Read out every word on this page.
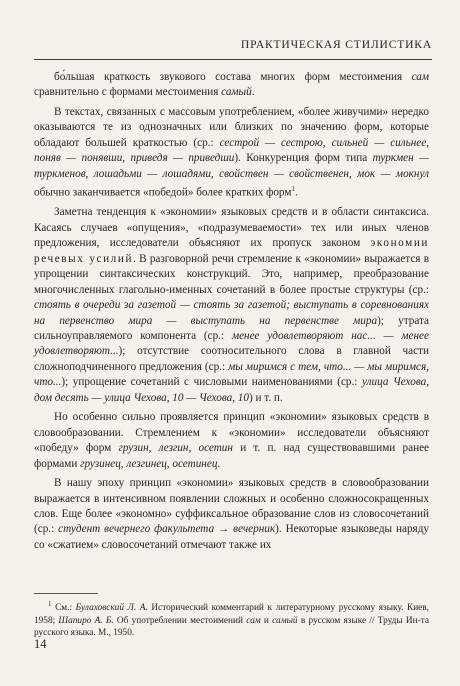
ПРАКТИЧЕСКАЯ СТИЛИСТИКА

бо́льшая краткость звукового состава многих форм местоимения сам сравнительно с формами местоимения самый.

В текстах, связанных с массовым употреблением, «более живучими» нередко оказываются те из однозначных или близких по значению форм, которые обладают большей краткостью (ср.: сестрой — сестрою, сильней — сильнее, поняв — понявши, приведя — приведши). Конкуренция форм типа туркмен — туркменов, лошадьми — лошадями, свойствен — свойственен, мок — мокнул обычно заканчивается «победой» более кратких форм$^1$.

Заметна тенденция к «экономии» языковых средств и в области синтаксиса. Касаясь случаев «опущения», «подразумеваемости» тех или иных членов предложения, исследователи объясняют их пропуск законом экономии речевых усилий. В разговорной речи стремление к «экономии» выражается в упрощении синтаксических конструкций. Это, например, преобразование многочисленных глагольно-именных сочетаний в более простые структуры (ср.: стоять в очереди за газетой — стоять за газетой; выступать в соревнованиях на первенство мира — выступать на первенстве мира); утрата сильноуправляемого компонента (ср.: менее удовлетворяют нас... — менее удовлетворяют...); отсутствие соотносительного слова в главной части сложноподчиненного предложения (ср.: мы миримся с тем, что... — мы миримся, что...); упрощение сочетаний с числовыми наименованиями (ср.: улица Чехова, дом десять — улица Чехова, 10 — Чехова, 10) и т. п.

Но особенно сильно проявляется принцип «экономии» языковых средств в словообразовании. Стремлением к «экономии» исследователи объясняют «победу» форм грузин, лезгин, осетин и т. п. над существовавшими ранее формами грузинец, лезгинец, осетинец.

В нашу эпоху принцип «экономии» языковых средств в словообразовании выражается в интенсивном появлении сложных и особенно сложносокращенных слов. Еще более «экономно» суффиксальное образование слов из словосочетаний (ср.: студент вечернего факультета → вечерник). Некоторые языковеды наряду со «сжатием» словосочетаний отмечают также их

$^1$ См.: Булаховский Л. А. Исторический комментарий к литературному русскому языку. Киев, 1958; Шапиро А. Б. Об употреблении местоимений сам и самый в русском языке // Труды Ин-та русского языка. М., 1950.
14
